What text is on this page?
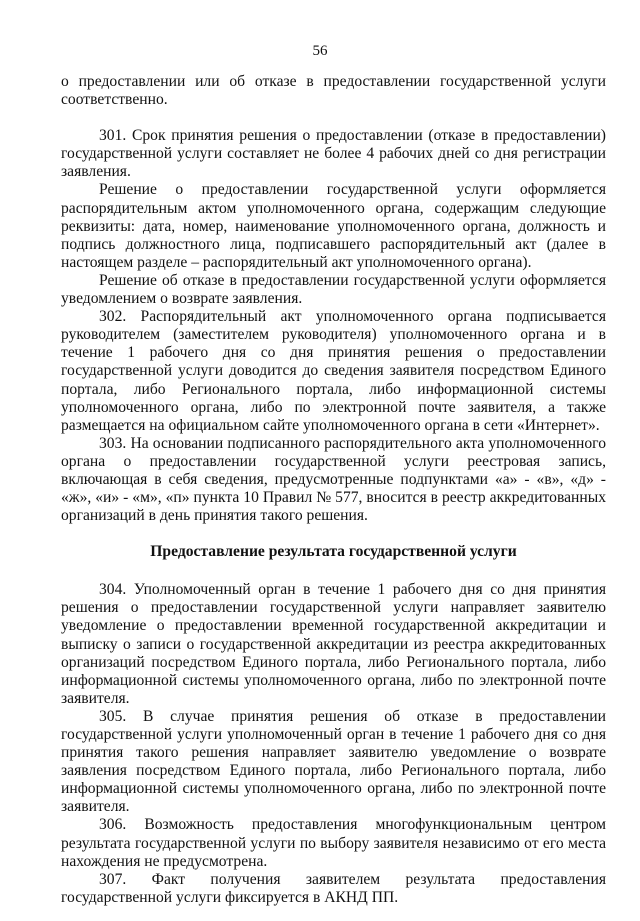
56

о предоставлении или об отказе в предоставлении государственной услуги соответственно.

301. Срок принятия решения о предоставлении (отказе в предоставлении) государственной услуги составляет не более 4 рабочих дней со дня регистрации заявления.

Решение о предоставлении государственной услуги оформляется распорядительным актом уполномоченного органа, содержащим следующие реквизиты: дата, номер, наименование уполномоченного органа, должность и подпись должностного лица, подписавшего распорядительный акт (далее в настоящем разделе – распорядительный акт уполномоченного органа).

Решение об отказе в предоставлении государственной услуги оформляется уведомлением о возврате заявления.

302. Распорядительный акт уполномоченного органа подписывается руководителем (заместителем руководителя) уполномоченного органа и в течение 1 рабочего дня со дня принятия решения о предоставлении государственной услуги доводится до сведения заявителя посредством Единого портала, либо Регионального портала, либо информационной системы уполномоченного органа, либо по электронной почте заявителя, а также размещается на официальном сайте уполномоченного органа в сети «Интернет».

303. На основании подписанного распорядительного акта уполномоченного органа о предоставлении государственной услуги реестровая запись, включающая в себя сведения, предусмотренные подпунктами «а» - «в», «д» - «ж», «и» - «м», «п» пункта 10 Правил № 577, вносится в реестр аккредитованных организаций в день принятия такого решения.

Предоставление результата государственной услуги

304. Уполномоченный орган в течение 1 рабочего дня со дня принятия решения о предоставлении государственной услуги направляет заявителю уведомление о предоставлении временной государственной аккредитации и выписку о записи о государственной аккредитации из реестра аккредитованных организаций посредством Единого портала, либо Регионального портала, либо информационной системы уполномоченного органа, либо по электронной почте заявителя.

305. В случае принятия решения об отказе в предоставлении государственной услуги уполномоченный орган в течение 1 рабочего дня со дня принятия такого решения направляет заявителю уведомление о возврате заявления посредством Единого портала, либо Регионального портала, либо информационной системы уполномоченного органа, либо по электронной почте заявителя.

306. Возможность предоставления многофункциональным центром результата государственной услуги по выбору заявителя независимо от его места нахождения не предусмотрена.

307. Факт получения заявителем результата предоставления государственной услуги фиксируется в АКНД ПП.
